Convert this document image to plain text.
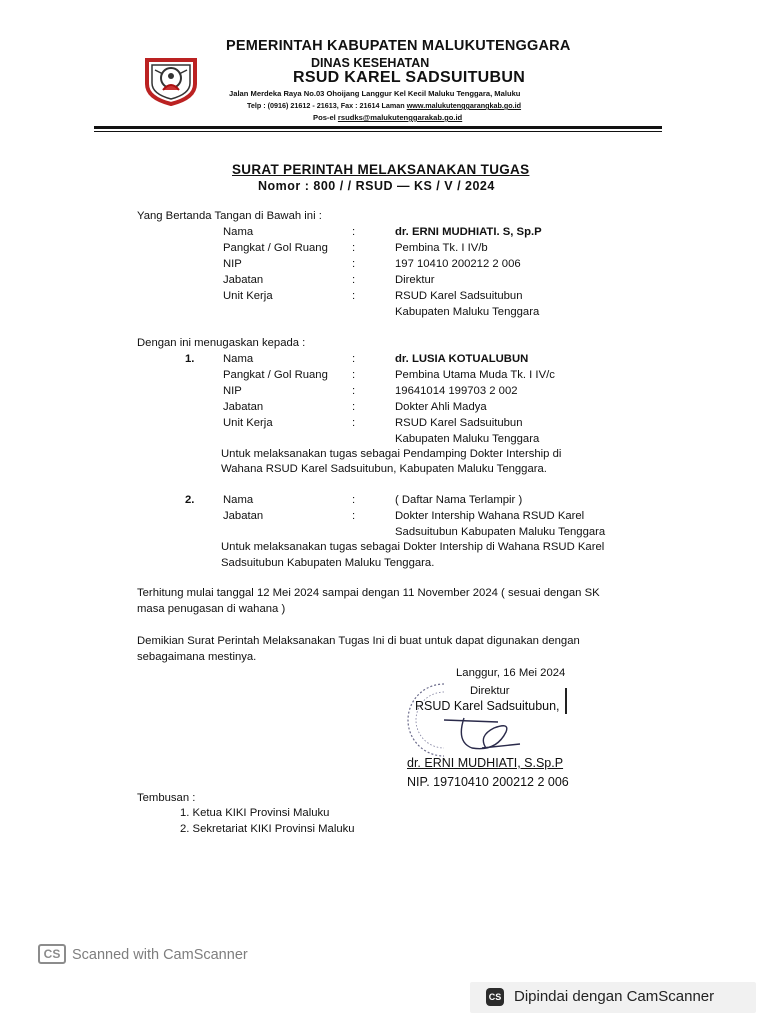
PEMERINTAH KABUPATEN MALUKUTENGGARA
DINAS KESEHATAN
RSUD KAREL SADSUITUBUN
Jalan Merdeka Raya No.03 Ohoijang Langgur Kel Kecil Maluku Tenggara, Maluku
Telp : (0916) 21612 - 21613, Fax : 21614 Laman www.malukutenggarangkab.go.id
Pos-el rsudks@malukutenggarakab.go.id
SURAT PERINTAH MELAKSANAKAN TUGAS
Nomor : 800 / / RSUD — KS / V / 2024
Yang Bertanda Tangan di Bawah ini :
Nama	:	dr. ERNI MUDHIATI. S, Sp.P
Pangkat / Gol Ruang :	Pembina Tk. I IV/b
NIP	:	197 10410 200212 2 006
Jabatan	:	Direktur
Unit Kerja	:	RSUD Karel Sadsuitubun
Kabupaten Maluku Tenggara
Dengan ini menugaskan kepada :
1.	Nama	:	dr. LUSIA KOTUALUBUN
Pangkat / Gol Ruang :	Pembina Utama Muda Tk. I IV/c
NIP	:	19641014 199703 2 002
Jabatan	:	Dokter Ahli Madya
Unit Kerja	:	RSUD Karel Sadsuitubun
Kabupaten Maluku Tenggara
Untuk melaksanakan tugas sebagai Pendamping Dokter Intership di
Wahana RSUD Karel Sadsuitubun, Kabupaten Maluku Tenggara.
2.	Nama	:	( Daftar Nama Terlampir )
Jabatan	:	Dokter Intership Wahana RSUD Karel
Sadsuitubun Kabupaten Maluku Tenggara
Untuk melaksanakan tugas sebagai Dokter Intership di Wahana RSUD Karel
Sadsuitubun Kabupaten Maluku Tenggara.
Terhitung mulai tanggal 12 Mei 2024 sampai dengan 11 November 2024 ( sesuai dengan SK
masa penugasan di wahana )
Demikian Surat Perintah Melaksanakan Tugas Ini di buat untuk dapat digunakan dengan
sebagaimana mestinya.
Langgur, 16 Mei 2024
Direktur
RSUD Karel Sadsuitubun,
dr. ERNI MUDHIATI, S.Sp.P
NIP. 19710410 200212 2 006
Tembusan :
1. Ketua KIKI Provinsi Maluku
2. Sekretariat KIKI Provinsi Maluku
CS Scanned with CamScanner
CS Dipindai dengan CamScanner
